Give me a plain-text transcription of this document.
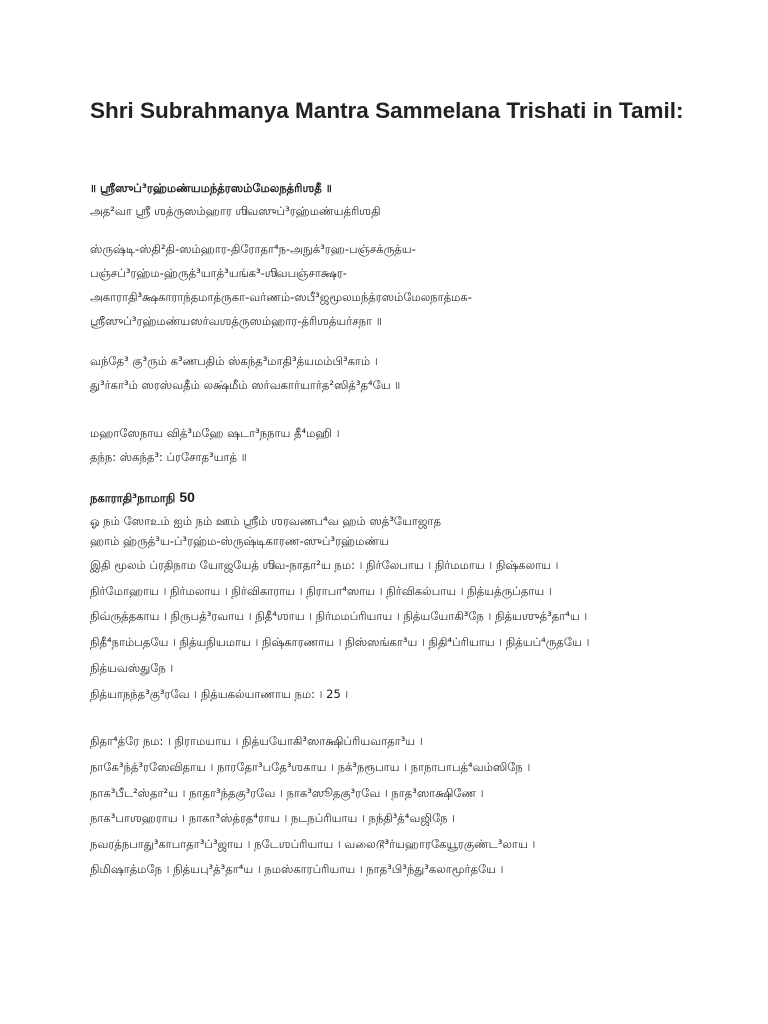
Shri Subrahmanya Mantra Sammelana Trishati in Tamil:
॥ ஶ்ரீஸுப்³ரஹ்மண்யமந்த்ரஸம்மேலநத்ரிஶதீ ॥
அத²வா ஶ்ரீ ஶத்ருஸம்ஹார ஶிவஸுப்³ரஹ்மண்யத்ரிஶதி
ஸ்ருஷ்டி-ஸ்தி²தி-ஸம்ஹார-திரோதா⁴ந-அநுக்³ரஹ-பஞ்சக்ருத்ய-
பஞ்சப்³ரஹ்ம-ஹ்ருத்³யாத்³யங்க³-ஶிவபஞ்சாக்ஷர-
அகாராதி³க்ஷகாராந்தமாத்ருகா-வர்ணம்-ஸபீ³ஜமூலமந்த்ரஸம்மேலநாத்மக-
ஶ்ரீஸுப்³ரஹ்மண்யஸர்வஶத்ருஸம்ஹார-த்ரிஶத்யர்சநா ॥
வந்தே³ கு³ரும் க³ணபதிம் ஸ்கந்த³மாதி³த்யமம்பி³காம் ।
து³ர்கா³ம் ஸரஸ்வதீம் லக்ஷ்மீம் ஸர்வகார்யார்த²ஸித்³த⁴யே ॥
மஹாஸேநாய வித்³மஹே ஷடா³நநாய தீ⁴மஹி ।
தந்ந: ஸ்கந்த³: ப்ரசோத³யாத் ॥
நகாராதி³நாமாநி 50
ஓ நம் ஸோஉம் ஐம் நம் ஊம் ஶ்ரீம் ஶரவணப⁴வ ஹம் ஸத்³யோஜாத
ஹாம் ஹ்ருத்³ய-ப்³ரஹ்ம-ஸ்ருஷ்டிகாரண-ஸுப்³ரஹ்மண்ய
இதி மூலம் ப்ரதிநாம யோஜயேத் ஶிவ-நாதா²ய நம: । நிர்லேபாய । நிர்மமாய । நிஷ்கலாய ।
நிர்மோஹாய । நிர்மலாய । நிர்விகாராய । நிராபா⁴ஸாய । நிர்விகல்பாய । நித்யத்ருப்தாய ।
நிவ்ருத்தகாய । நிருபத்³ரவாய । நிதீ⁴ஶாய । நிர்மமப்ரியாய । நித்யயோகி³நே । நித்யஶுத்³தா⁴ய ।
நிதீ⁴நாம்பதயே । நித்யநியமாய । நிஷ்காரணாய । நிஸ்ஸங்கா³ய । நிதி⁴ப்ரியாய । நித்யப்⁴ருதயே ।
நித்யவஸ்துநே ।
நித்யாநந்த³கு³ரவே । நித்யகல்யாணாய நம: । 25 ।
நிதா⁴த்ரே நம: । நிராமயாய । நித்யயோகி³ஸாக்ஷிப்ரியவாதா³ய ।
நாகே³ந்த்³ரஸேவிதாய । நாரதோ³பதே³ஶகாய । நக்³நரூபாய । நாநாபாபத்⁴வம்ஸிநே ।
நாக³பீட²ஸ்தா²ய । நாதா³ந்தகு³ரவே । நாக³ஸூதகு³ரவே । நாத³ஸாக்ஷிணே ।
நாக³பாஶஹராய । நாகா³ஸ்த்ரத⁴ராய । நடநப்ரியாய । நந்தி³த்⁴வஜிநே ।
நவரத்நபாது³காபாதா³ப்³ஜாய । நடேஶப்ரியாய । வலைடூ³ர்யஹாரகேயூரகுண்ட³லாய ।
நிமிஷாத்மநே । நித்யபு³த்³தா⁴ய । நமஸ்காரப்ரியாய । நாத³பி³ந்து³கலாமூர்தயே ।
